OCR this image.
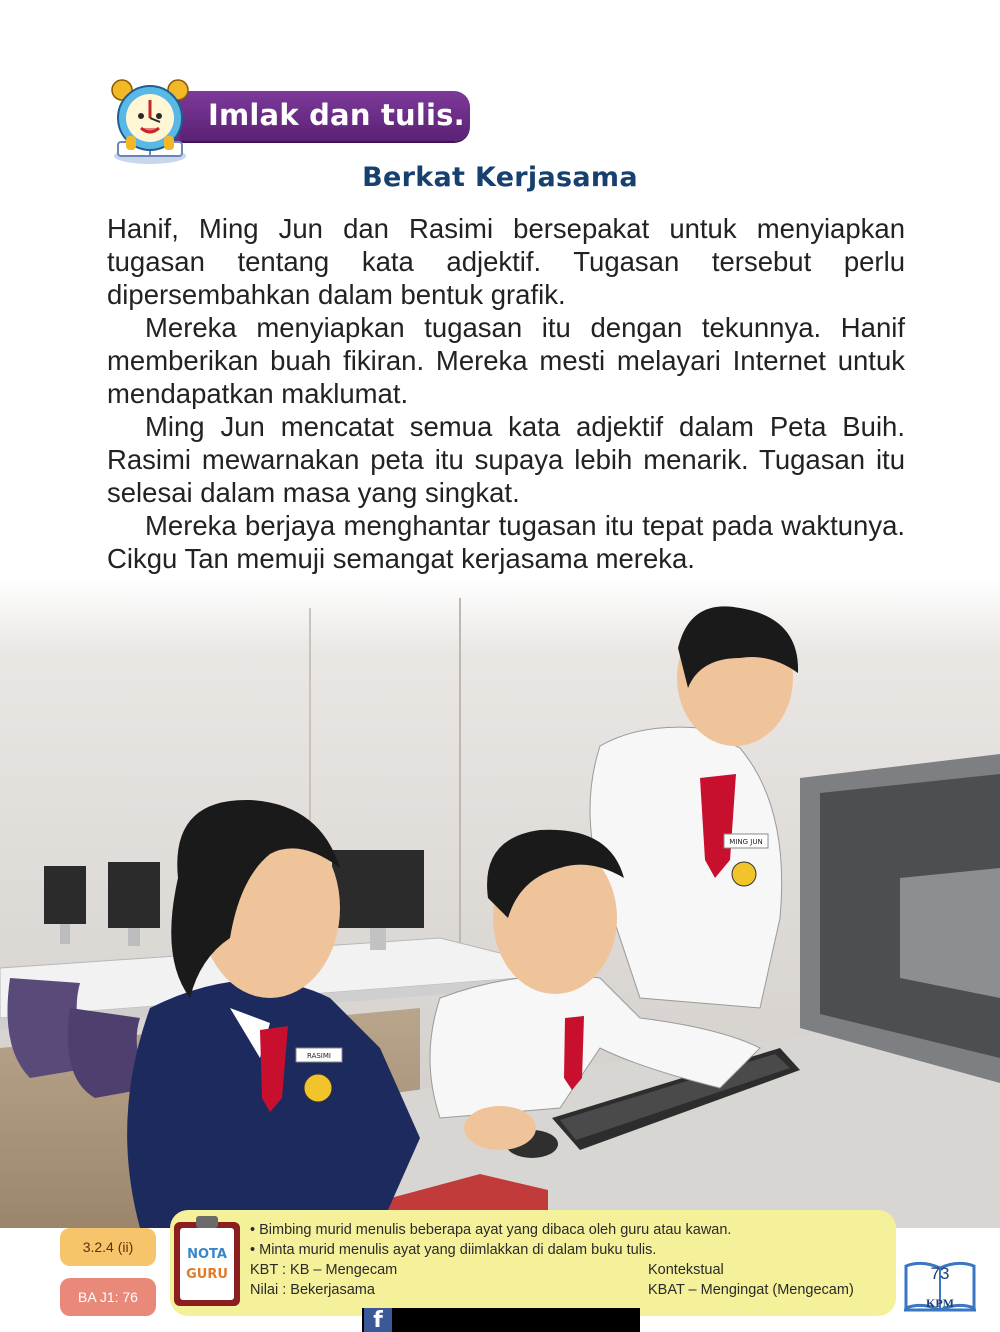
Imlak dan tulis.
Berkat Kerjasama

Hanif, Ming Jun dan Rasimi bersepakat untuk menyiapkan tugasan tentang kata adjektif. Tugasan tersebut perlu dipersembahkan dalam bentuk grafik.

Mereka menyiapkan tugasan itu dengan tekunnya. Hanif memberikan buah fikiran. Mereka mesti melayari Internet untuk mendapatkan maklumat.

Ming Jun mencatat semua kata adjektif dalam Peta Buih. Rasimi mewarnakan peta itu supaya lebih menarik. Tugasan itu selesai dalam masa yang singkat.

Mereka berjaya menghantar tugasan itu tepat pada waktunya. Cikgu Tan memuji semangat kerjasama mereka.

MING JUN
RASIMI
3.2.4 (ii)
BA J1: 76
NOTA
GURU
• Bimbing murid menulis beberapa ayat yang dibaca oleh guru atau kawan.
• Minta murid menulis ayat yang diimlakkan di dalam buku tulis.
KBT : KB – Mengecam	Kontekstual
Nilai : Bekerjasama	KBAT – Mengingat (Mengecam)
73
KPM
f
